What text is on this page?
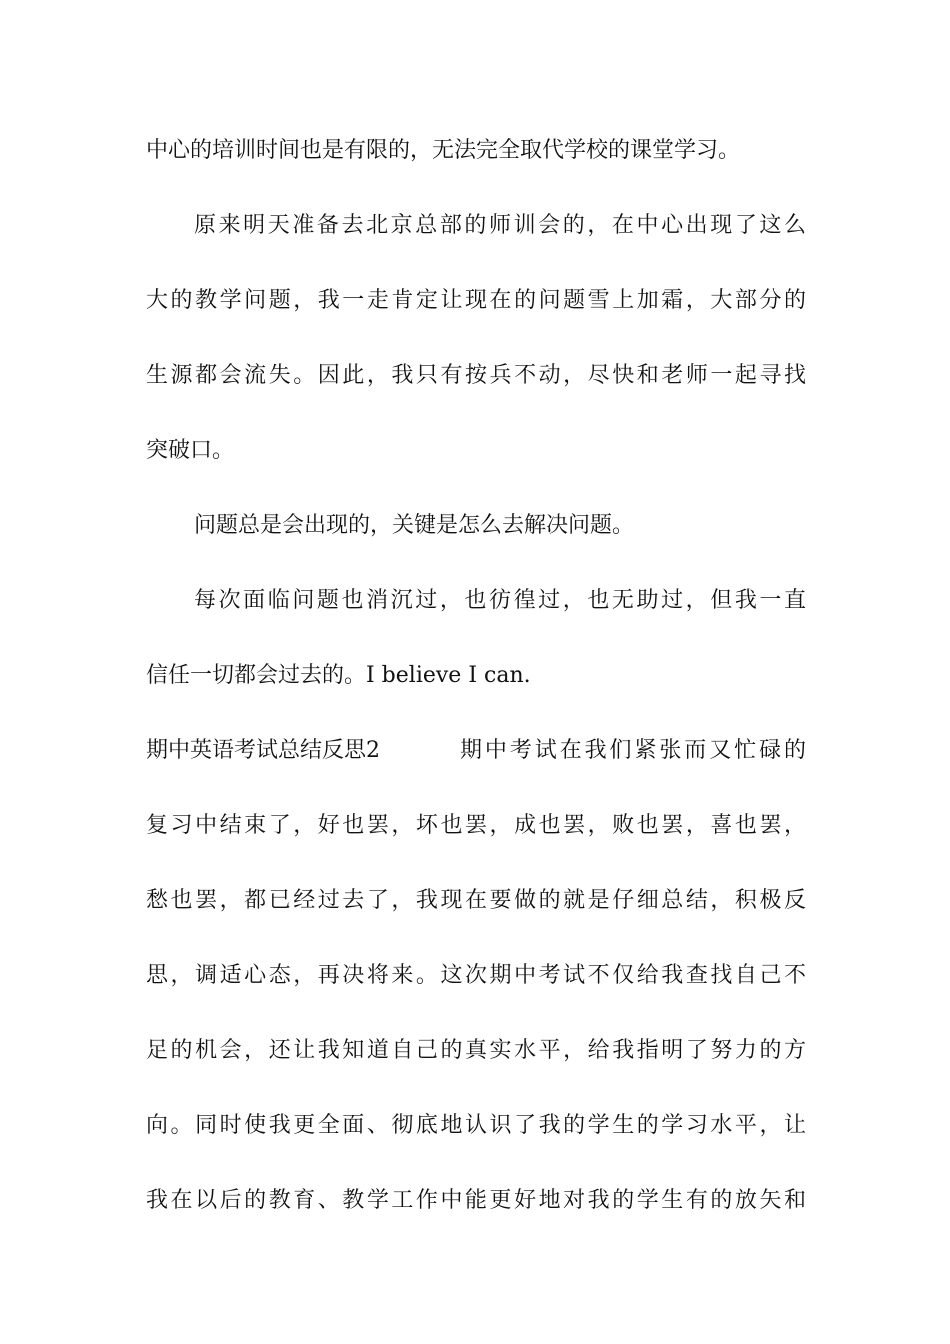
中心的培训时间也是有限的，无法完全取代学校的课堂学习。
原来明天准备去北京总部的师训会的，在中心出现了这么
大的教学问题，我一走肯定让现在的问题雪上加霜，大部分的
生源都会流失。因此，我只有按兵不动，尽快和老师一起寻找
突破口。
问题总是会出现的，关键是怎么去解决问题。
每次面临问题也消沉过，也彷徨过，也无助过，但我一直
信任一切都会过去的。I believe I can.
期中英语考试总结反思2	期中考试在我们紧张而又忙碌的
复习中结束了，好也罢，坏也罢，成也罢，败也罢，喜也罢，
愁也罢，都已经过去了，我现在要做的就是仔细总结，积极反
思，调适心态，再决将来。这次期中考试不仅给我查找自己不
足的机会，还让我知道自己的真实水平，给我指明了努力的方
向。同时使我更全面、彻底地认识了我的学生的学习水平，让
我在以后的教育、教学工作中能更好地对我的学生有的放矢和
